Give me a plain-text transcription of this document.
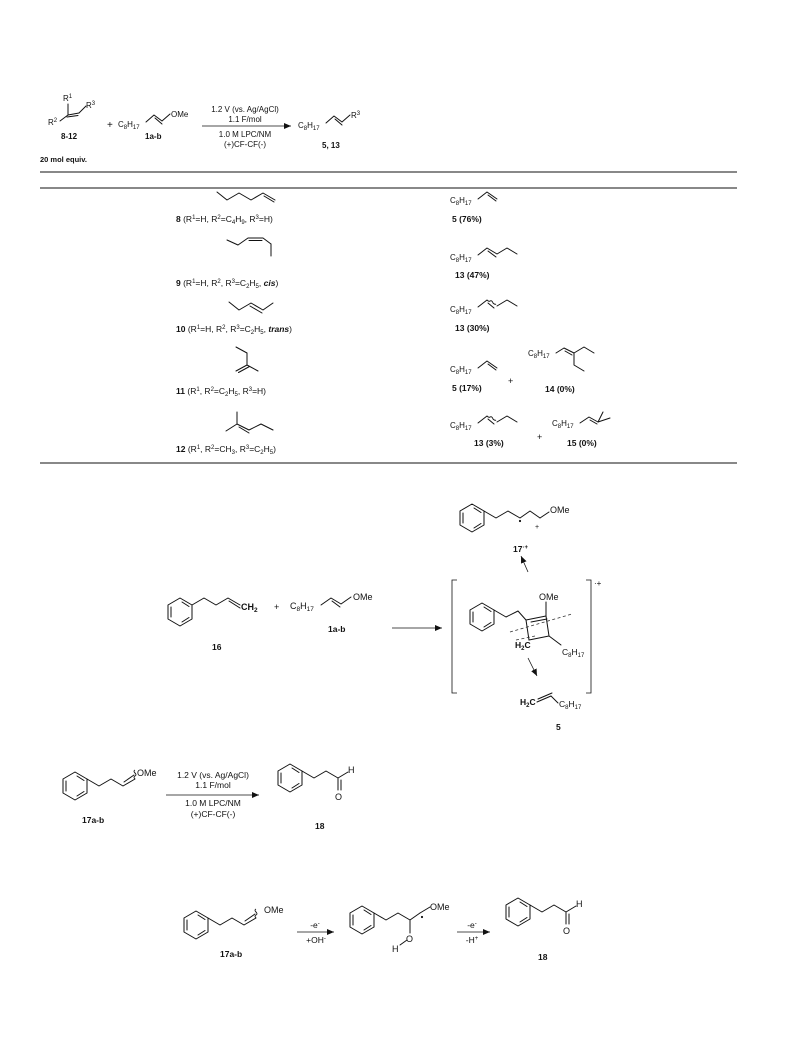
$R^1$
$R^2$
$R^3$
8-12
20 mol equiv.
+ $C_8H_{17}$
OMe
1a-b
1.2 V (vs. Ag/AgCl)
1.1 F/mol
1.0 M LPC/NM
(+)CF-CF(-)
$C_8H_{17}$
$R^3$
5, 13
8 ($R^1=H$, $R^2=C_4H_9$, $R^3=H$)
$C_8H_{17}$
5 (76%)
9 ($R^1=H$, $R^2$, $R^3=C_2H_5$, cis)
$C_8H_{17}$
13 (47%)
10 ($R^1=H$, $R^2$, $R^3=C_2H_5$, trans)
$C_8H_{17}$
13 (30%)
11 ($R^1$, $R^2=C_2H_5$, $R^3=H$)
$C_8H_{17}$
5 (17%)
+
$C_8H_{17}$
14 (0%)
12 ($R^1$, $R^2=CH_3$, $R^3=C_2H_5$)
$C_8H_{17}$
13 (3%)
+
$C_8H_{17}$
15 (0%)
$CH_2$
16
+ $C_8H_{17}$
OMe
1a-b
·+
OMe
$H_2C$
$C_8H_{17}$
+
OMe
17·+
$H_2C$	$C_8H_{17}$
5
OMe
17a-b
1.2 V (vs. Ag/AgCl)
1.1 F/mol
1.0 M LPC/NM
(+)CF-CF(-)
H
O
18
OMe
17a-b
-e-
+OH-
OMe
O
H
-e-
-H+
H
O
18
